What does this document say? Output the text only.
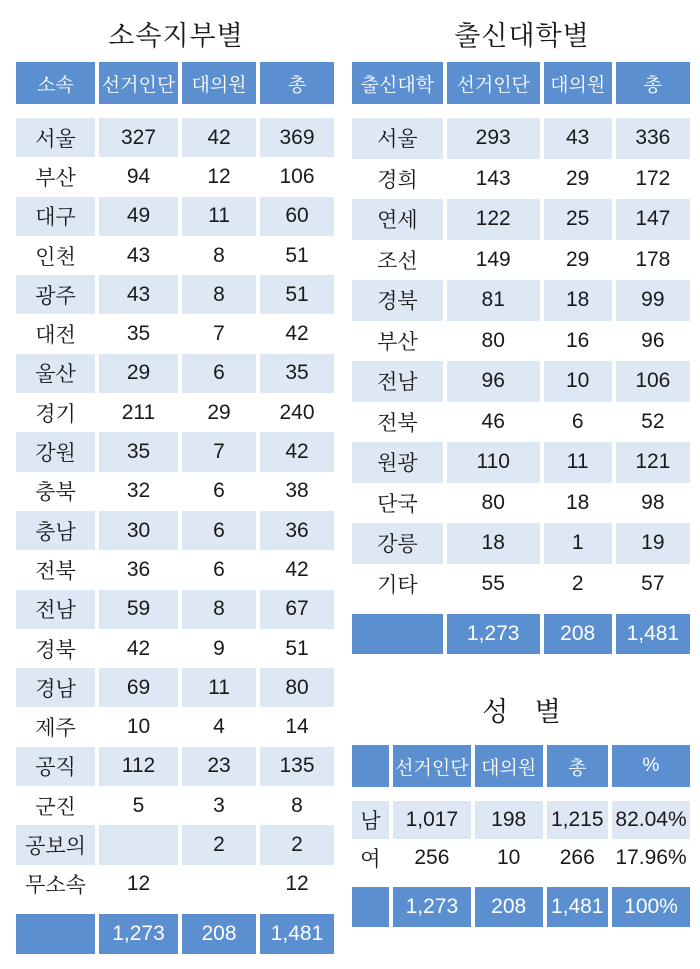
소속지부별
소속	선거인단	대의원	총

서울	327	42	369
부산	94	12	106
대구	49	11	60
인천	43	8	51
광주	43	8	51
대전	35	7	42
울산	29	6	35
경기	211	29	240
강원	35	7	42
충북	32	6	38
충남	30	6	36
전북	36	6	42
전남	59	8	67
경북	42	9	51
경남	69	11	80
제주	10	4	14
공직	112	23	135
군진	5	3	8
공보의		2	2
무소속	12		12

	1,273	208	1,481
출신대학별
출신대학	선거인단	대의원	총

서울	293	43	336
경희	143	29	172
연세	122	25	147
조선	149	29	178
경북	81	18	99
부산	80	16	96
전남	96	10	106
전북	46	6	52
원광	110	11	121
단국	80	18	98
강릉	18	1	19
기타	55	2	57

	1,273	208	1,481
성   별
	선거인단	대의원	총	%

남	1,017	198	1,215	82.04%
여	256	10	266	17.96%

	1,273	208	1,481	100%
